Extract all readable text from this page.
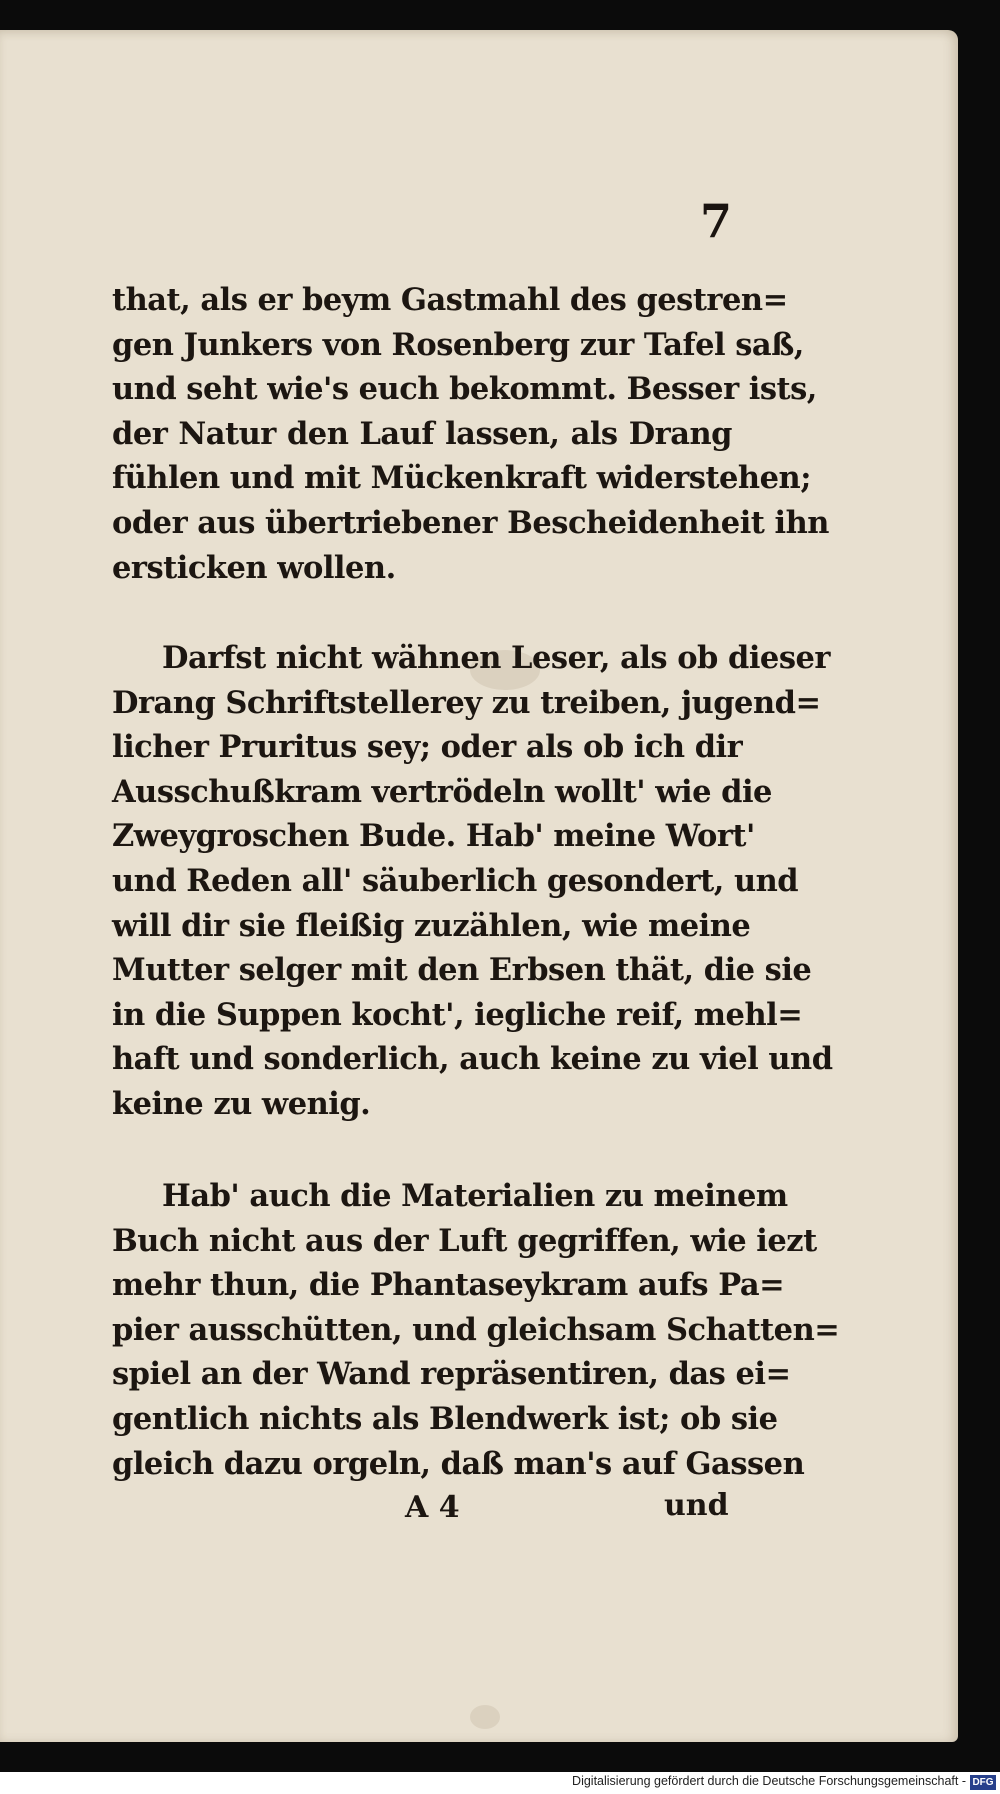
7
that, als er beym Gastmahl des gestren=
gen Junkers von Rosenberg zur Tafel saß,
und seht wie's euch bekommt. Besser ists,
der Natur den Lauf lassen, als Drang
fühlen und mit Mückenkraft widerstehen;
oder aus übertriebener Bescheidenheit ihn
ersticken wollen.
Darfst nicht wähnen Leser, als ob dieser
Drang Schriftstellerey zu treiben, jugend=
licher Pruritus sey; oder als ob ich dir
Ausschußkram vertrödeln wollt' wie die
Zweygroschen Bude. Hab' meine Wort'
und Reden all' säuberlich gesondert, und
will dir sie fleißig zuzählen, wie meine
Mutter selger mit den Erbsen thät, die sie
in die Suppen kocht', iegliche reif, mehl=
haft und sonderlich, auch keine zu viel und
keine zu wenig.
Hab' auch die Materialien zu meinem
Buch nicht aus der Luft gegriffen, wie iezt
mehr thun, die Phantaseykram aufs Pa=
pier ausschütten, und gleichsam Schatten=
spiel an der Wand repräsentiren, das ei=
gentlich nichts als Blendwerk ist; ob sie
gleich dazu orgeln, daß man's auf Gassen
A 4	und
Digitalisierung gefördert durch die Deutsche Forschungsgemeinschaft - DFG
